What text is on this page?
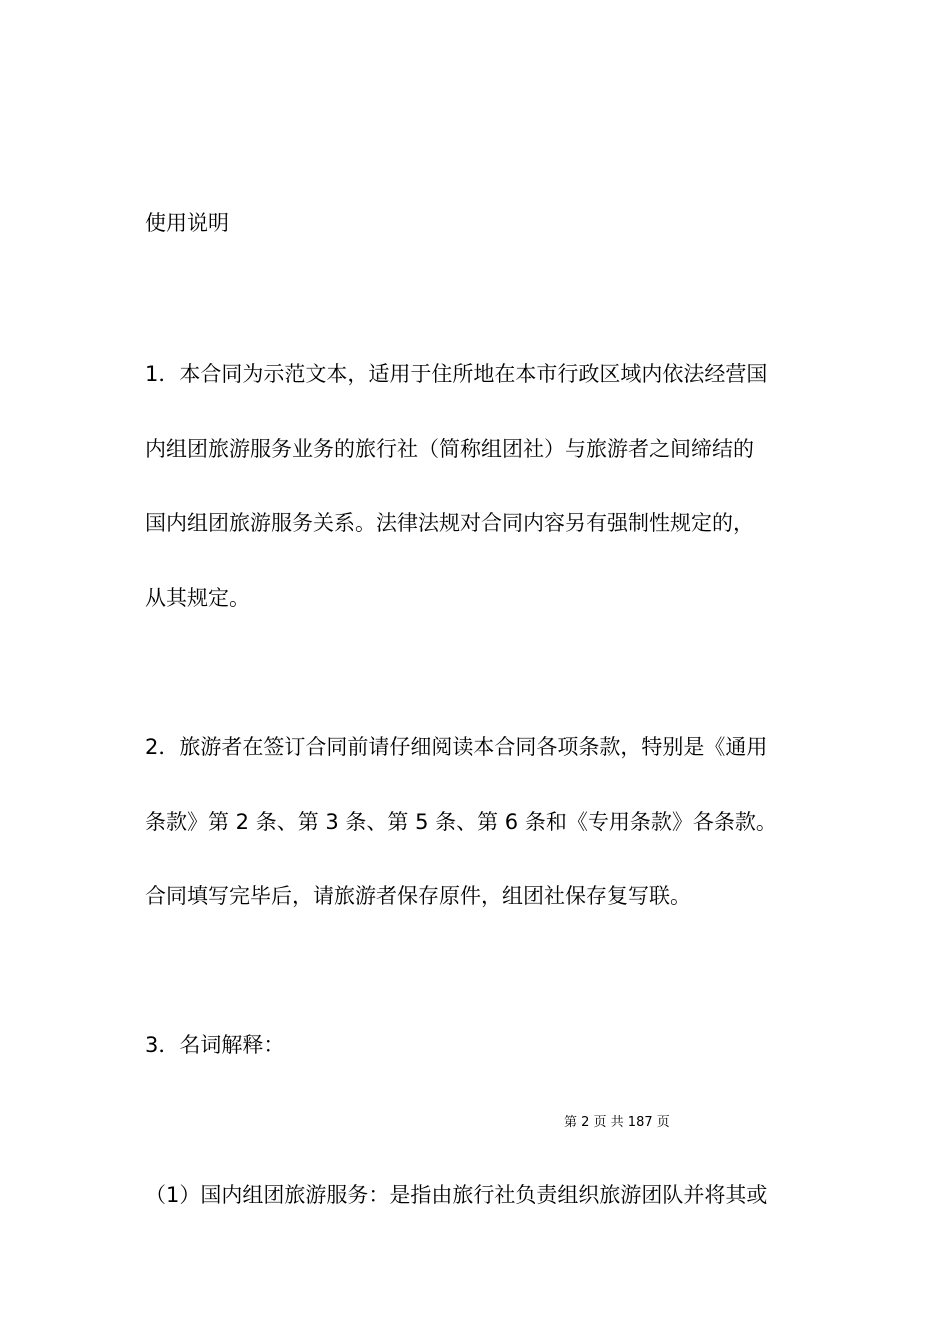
使用说明

1．本合同为示范文本，适用于住所地在本市行政区域内依法经营国

内组团旅游服务业务的旅行社（简称组团社）与旅游者之间缔结的

国内组团旅游服务关系。法律法规对合同内容另有强制性规定的，

从其规定。

2．旅游者在签订合同前请仔细阅读本合同各项条款，特别是《通用

条款》第 2 条、第 3 条、第 5 条、第 6 条和《专用条款》各条款。

合同填写完毕后，请旅游者保存原件，组团社保存复写联。

3．名词解释：

第 2 页 共 187 页

（1）国内组团旅游服务：是指由旅行社负责组织旅游团队并将其或
